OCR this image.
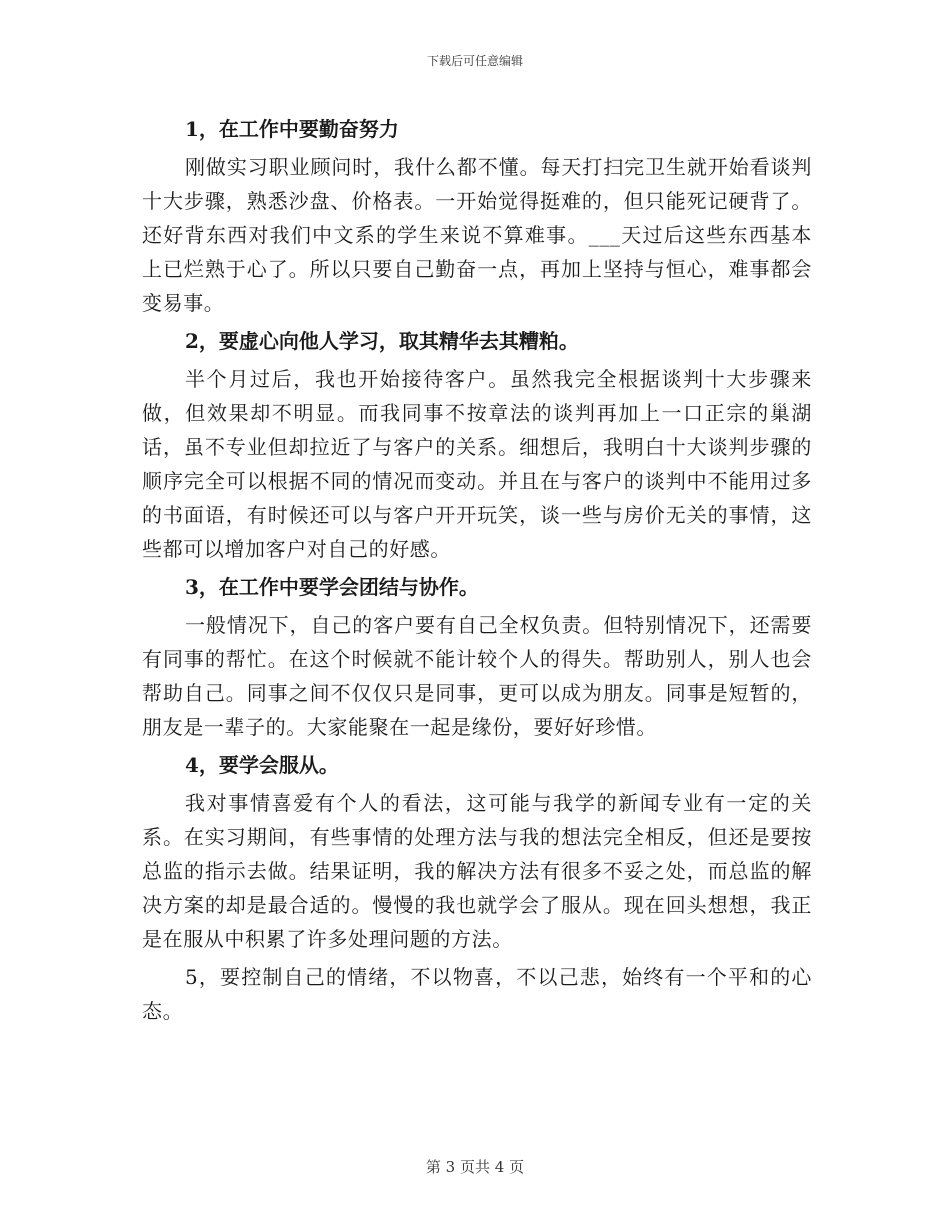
下载后可任意编辑

1，在工作中要勤奋努力

刚做实习职业顾问时，我什么都不懂。每天打扫完卫生就开始看谈判十大步骤，熟悉沙盘、价格表。一开始觉得挺难的，但只能死记硬背了。还好背东西对我们中文系的学生来说不算难事。___天过后这些东西基本上已烂熟于心了。所以只要自己勤奋一点，再加上坚持与恒心，难事都会变易事。

2，要虚心向他人学习，取其精华去其糟粕。

半个月过后，我也开始接待客户。虽然我完全根据谈判十大步骤来做，但效果却不明显。而我同事不按章法的谈判再加上一口正宗的巢湖话，虽不专业但却拉近了与客户的关系。细想后，我明白十大谈判步骤的顺序完全可以根据不同的情况而变动。并且在与客户的谈判中不能用过多的书面语，有时候还可以与客户开开玩笑，谈一些与房价无关的事情，这些都可以增加客户对自己的好感。

3，在工作中要学会团结与协作。

一般情况下，自己的客户要有自己全权负责。但特别情况下，还需要有同事的帮忙。在这个时候就不能计较个人的得失。帮助别人，别人也会帮助自己。同事之间不仅仅只是同事，更可以成为朋友。同事是短暂的，朋友是一辈子的。大家能聚在一起是缘份，要好好珍惜。

4，要学会服从。

我对事情喜爱有个人的看法，这可能与我学的新闻专业有一定的关系。在实习期间，有些事情的处理方法与我的想法完全相反，但还是要按总监的指示去做。结果证明，我的解决方法有很多不妥之处，而总监的解决方案的却是最合适的。慢慢的我也就学会了服从。现在回头想想，我正是在服从中积累了许多处理问题的方法。

5，要控制自己的情绪，不以物喜，不以己悲，始终有一个平和的心态。

第 3 页共 4 页
